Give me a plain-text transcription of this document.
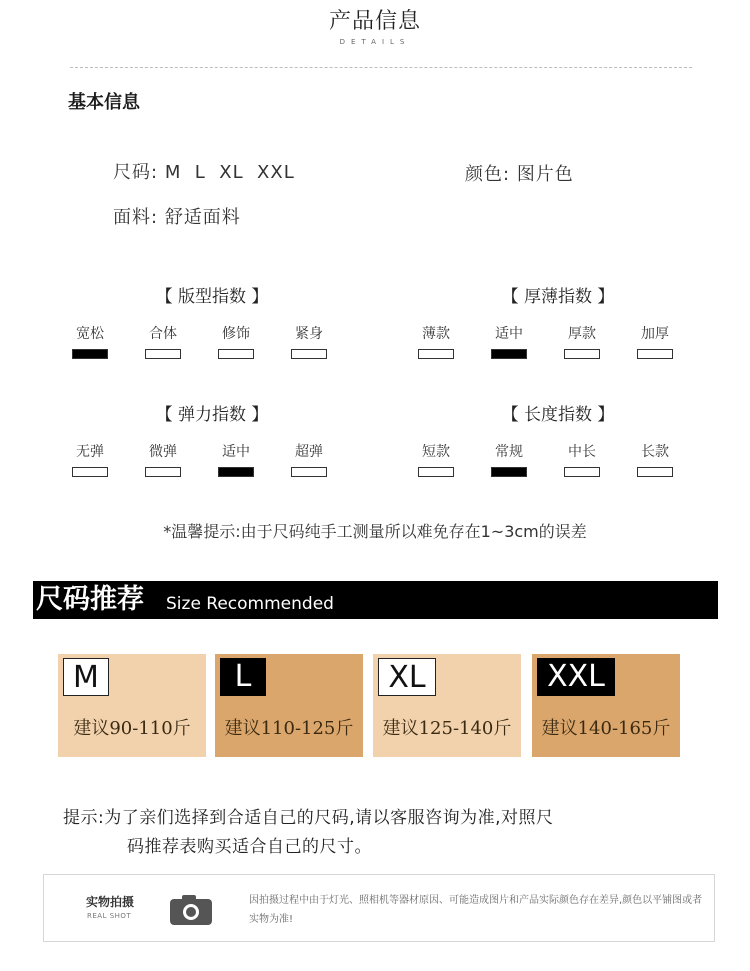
产品信息
DETAILS
基本信息
尺码: M  L  XL  XXL	颜色: 图片色
面料: 舒适面料
【 版型指数 】
宽松	合体	修饰	紧身
【 厚薄指数 】
薄款	适中	厚款	加厚
【 弹力指数 】
无弹	微弹	适中	超弹
【 长度指数 】
短款	常规	中长	长款
*温馨提示:由于尺码纯手工测量所以难免存在1~3cm的误差
尺码推荐 Size Recommended
M
建议90-110斤
L
建议110-125斤
XL
建议125-140斤
XXL
建议140-165斤
提示:为了亲们选择到合适自己的尺码,请以客服咨询为准,对照尺
码推荐表购买适合自己的尺寸。
实物拍摄
REAL SHOT
因拍摄过程中由于灯光、照相机等器材原因、可能造成图片和产品实际颜色存在差异,颜色以平铺图或者实物为准!
